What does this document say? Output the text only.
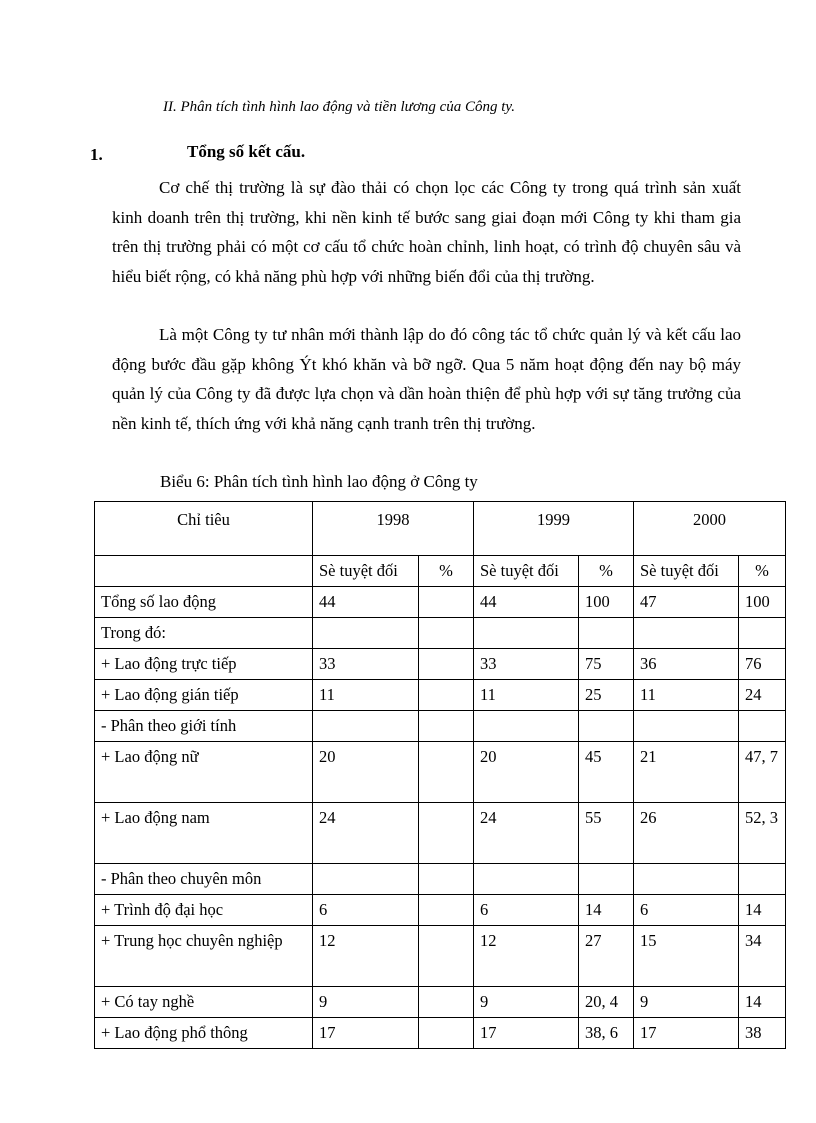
II. Phân tích tình hình lao động và tiền lương của Công ty.
1.	Tổng số kết cấu.

Cơ chế thị trường là sự đào thải có chọn lọc các Công ty trong quá trình sản xuất kinh doanh trên thị trường, khi nền kinh tế bước sang giai đoạn mới Công ty khi tham gia trên thị trường phải có một cơ cấu tổ chức hoàn chỉnh, linh hoạt, có trình độ chuyên sâu và hiểu biết rộng, có khả năng phù hợp với những biến đổi của thị trường.

Là một Công ty tư nhân mới thành lập do đó công tác tổ chức quản lý và kết cấu lao động bước đầu gặp không Ýt khó khăn và bỡ ngỡ. Qua 5 năm hoạt động đến nay bộ máy quản lý của Công ty đã được lựa chọn và dần hoàn thiện để phù hợp với sự tăng trưởng của nền kinh tế, thích ứng với khả năng cạnh tranh trên thị trường.

Biểu 6: Phân tích tình hình lao động ở Công ty
Chỉ tiêu	1998		1999		2000	
	Sè tuyệt đối	%	Sè tuyệt đối	%	Sè tuyệt đối	%
Tổng số lao động	44		44	100	47	100
Trong đó:						
+ Lao động trực tiếp	33		33	75	36	76
+ Lao động gián tiếp	11		11	25	11	24
- Phân theo giới tính						
+ Lao động nữ	20		20	45	21	47, 7
+ Lao động nam	24		24	55	26	52, 3
- Phân theo chuyên môn						
+ Trình độ đại học	6		6	14	6	14
+ Trung học chuyên nghiệp	12		12	27	15	34
+ Có tay nghề	9		9	20, 4	9	14
+ Lao động phổ thông	17		17	38, 6	17	38
